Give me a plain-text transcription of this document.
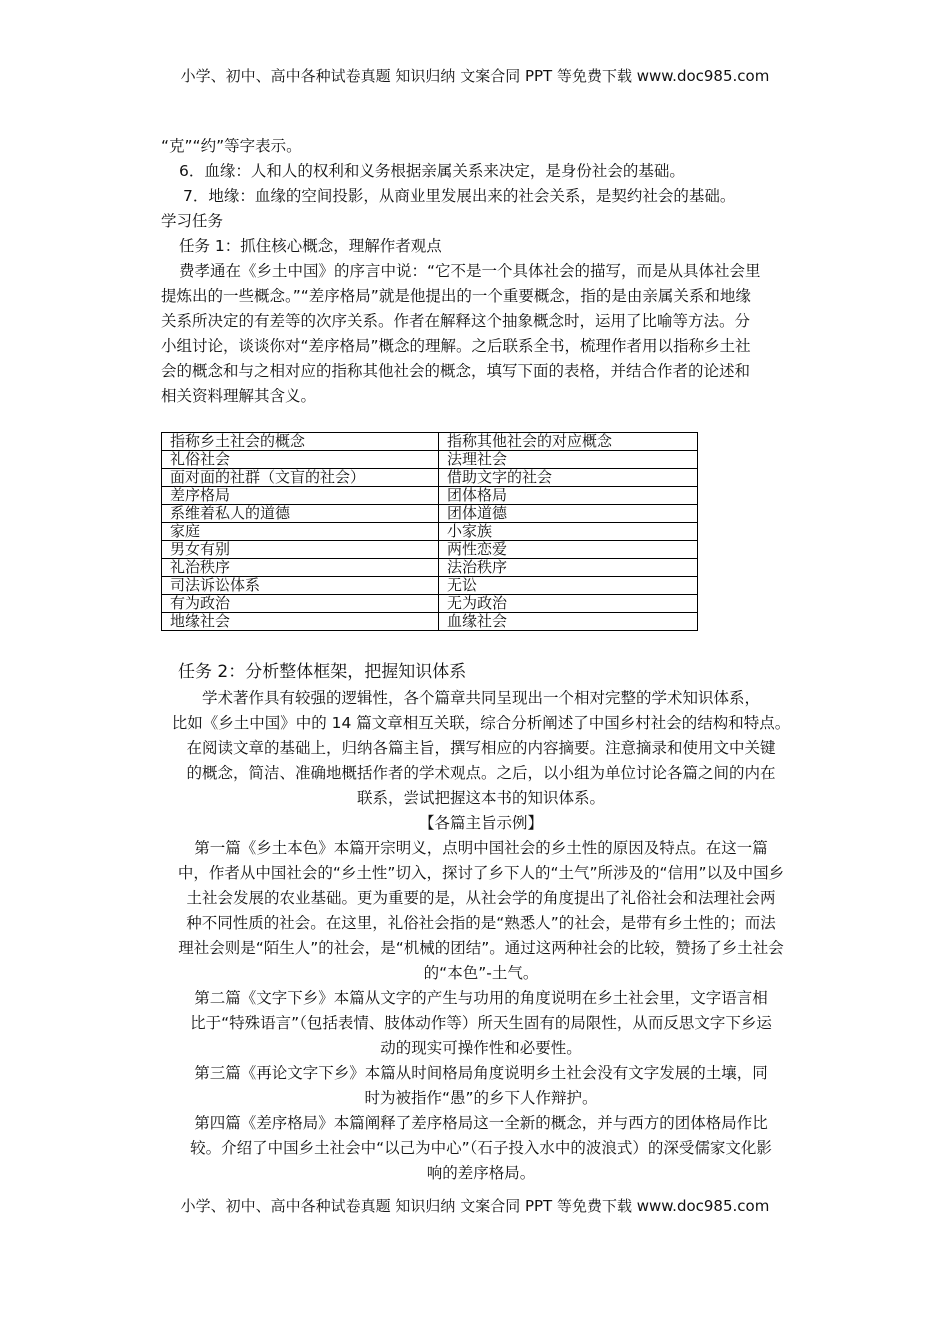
小学、初中、高中各种试卷真题 知识归纳 文案合同 PPT 等免费下载 www.doc985.com
“克”“约”等字表示。
6．血缘：人和人的权利和义务根据亲属关系来决定，是身份社会的基础。
7．地缘：血缘的空间投影，从商业里发展出来的社会关系，是契约社会的基础。
学习任务
任务 1：抓住核心概念，理解作者观点
费孝通在《乡土中国》的序言中说：“它不是一个具体社会的描写，而是从具体社会里
提炼出的一些概念。”“差序格局”就是他提出的一个重要概念，指的是由亲属关系和地缘
关系所决定的有差等的次序关系。作者在解释这个抽象概念时，运用了比喻等方法。分
小组讨论，谈谈你对“差序格局”概念的理解。之后联系全书，梳理作者用以指称乡土社
会的概念和与之相对应的指称其他社会的概念，填写下面的表格，并结合作者的论述和
相关资料理解其含义。
指称乡土社会的概念	指称其他社会的对应概念
礼俗社会	法理社会
面对面的社群（文盲的社会）	借助文字的社会
差序格局	团体格局
系维着私人的道德	团体道德
家庭	小家族
男女有别	两性恋爱
礼治秩序	法治秩序
司法诉讼体系	无讼
有为政治	无为政治
地缘社会	血缘社会
任务 2：分析整体框架，把握知识体系
学术著作具有较强的逻辑性，各个篇章共同呈现出一个相对完整的学术知识体系，
比如《乡土中国》中的 14 篇文章相互关联，综合分析阐述了中国乡村社会的结构和特点。
在阅读文章的基础上，归纳各篇主旨，撰写相应的内容摘要。注意摘录和使用文中关键
的概念，简洁、准确地概括作者的学术观点。之后，以小组为单位讨论各篇之间的内在
联系，尝试把握这本书的知识体系。
【各篇主旨示例】
第一篇《乡土本色》本篇开宗明义，点明中国社会的乡土性的原因及特点。在这一篇
中，作者从中国社会的“乡土性”切入，探讨了乡下人的“土气”所涉及的“信用”以及中国乡
土社会发展的农业基础。更为重要的是，从社会学的角度提出了礼俗社会和法理社会两
种不同性质的社会。在这里，礼俗社会指的是“熟悉人”的社会，是带有乡土性的；而法
理社会则是“陌生人”的社会，是“机械的团结”。通过这两种社会的比较，赞扬了乡土社会
的“本色”-土气。
第二篇《文字下乡》本篇从文字的产生与功用的角度说明在乡土社会里，文字语言相
比于“特殊语言”（包括表情、肢体动作等）所天生固有的局限性，从而反思文字下乡运
动的现实可操作性和必要性。
第三篇《再论文字下乡》本篇从时间格局角度说明乡土社会没有文字发展的土壤，同
时为被指作“愚”的乡下人作辩护。
第四篇《差序格局》本篇阐释了差序格局这一全新的概念，并与西方的团体格局作比
较。介绍了中国乡土社会中“以己为中心”（石子投入水中的波浪式）的深受儒家文化影
响的差序格局。
小学、初中、高中各种试卷真题 知识归纳 文案合同 PPT 等免费下载 www.doc985.com
